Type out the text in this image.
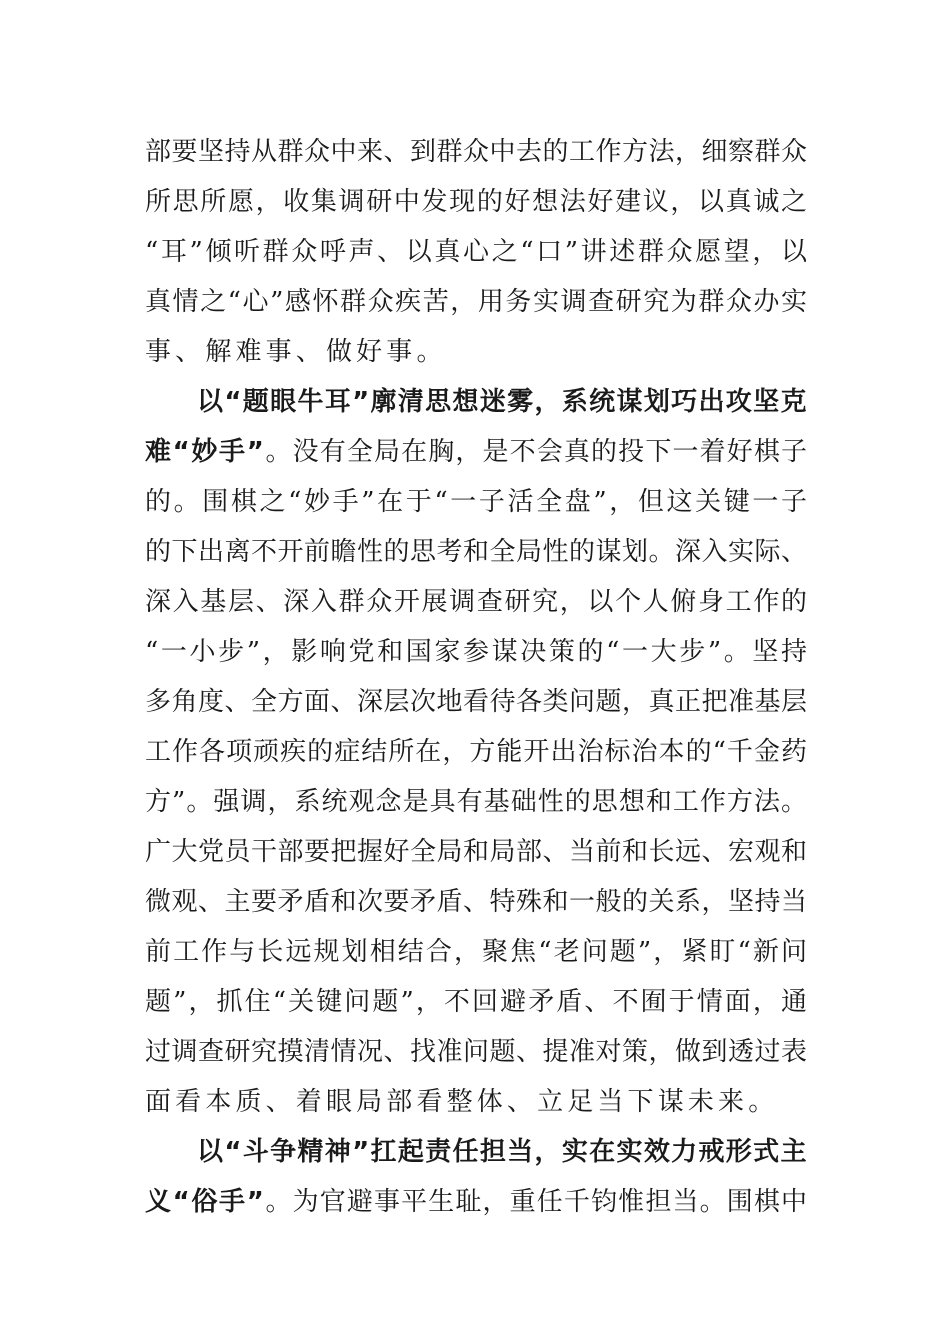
部要坚持从群众中来、到群众中去的工作方法，细察群众
所思所愿，收集调研中发现的好想法好建议，以真诚之
“耳”倾听群众呼声、以真心之“口”讲述群众愿望，以
真情之“心”感怀群众疾苦，用务实调查研究为群众办实
事、解难事、做好事。
以“题眼牛耳”廓清思想迷雾，系统谋划巧出攻坚克
难“妙手”。没有全局在胸，是不会真的投下一着好棋子
的。围棋之“妙手”在于“一子活全盘”，但这关键一子
的下出离不开前瞻性的思考和全局性的谋划。深入实际、
深入基层、深入群众开展调查研究，以个人俯身工作的
“一小步”，影响党和国家参谋决策的“一大步”。坚持
多角度、全方面、深层次地看待各类问题，真正把准基层
工作各项顽疾的症结所在，方能开出治标治本的“千金药
方”。强调，系统观念是具有基础性的思想和工作方法。
广大党员干部要把握好全局和局部、当前和长远、宏观和
微观、主要矛盾和次要矛盾、特殊和一般的关系，坚持当
前工作与长远规划相结合，聚焦“老问题”，紧盯“新问
题”，抓住“关键问题”，不回避矛盾、不囿于情面，通
过调查研究摸清情况、找准问题、提准对策，做到透过表
面看本质、着眼局部看整体、立足当下谋未来。
以“斗争精神”扛起责任担当，实在实效力戒形式主
义“俗手”。为官避事平生耻，重任千钧惟担当。围棋中
